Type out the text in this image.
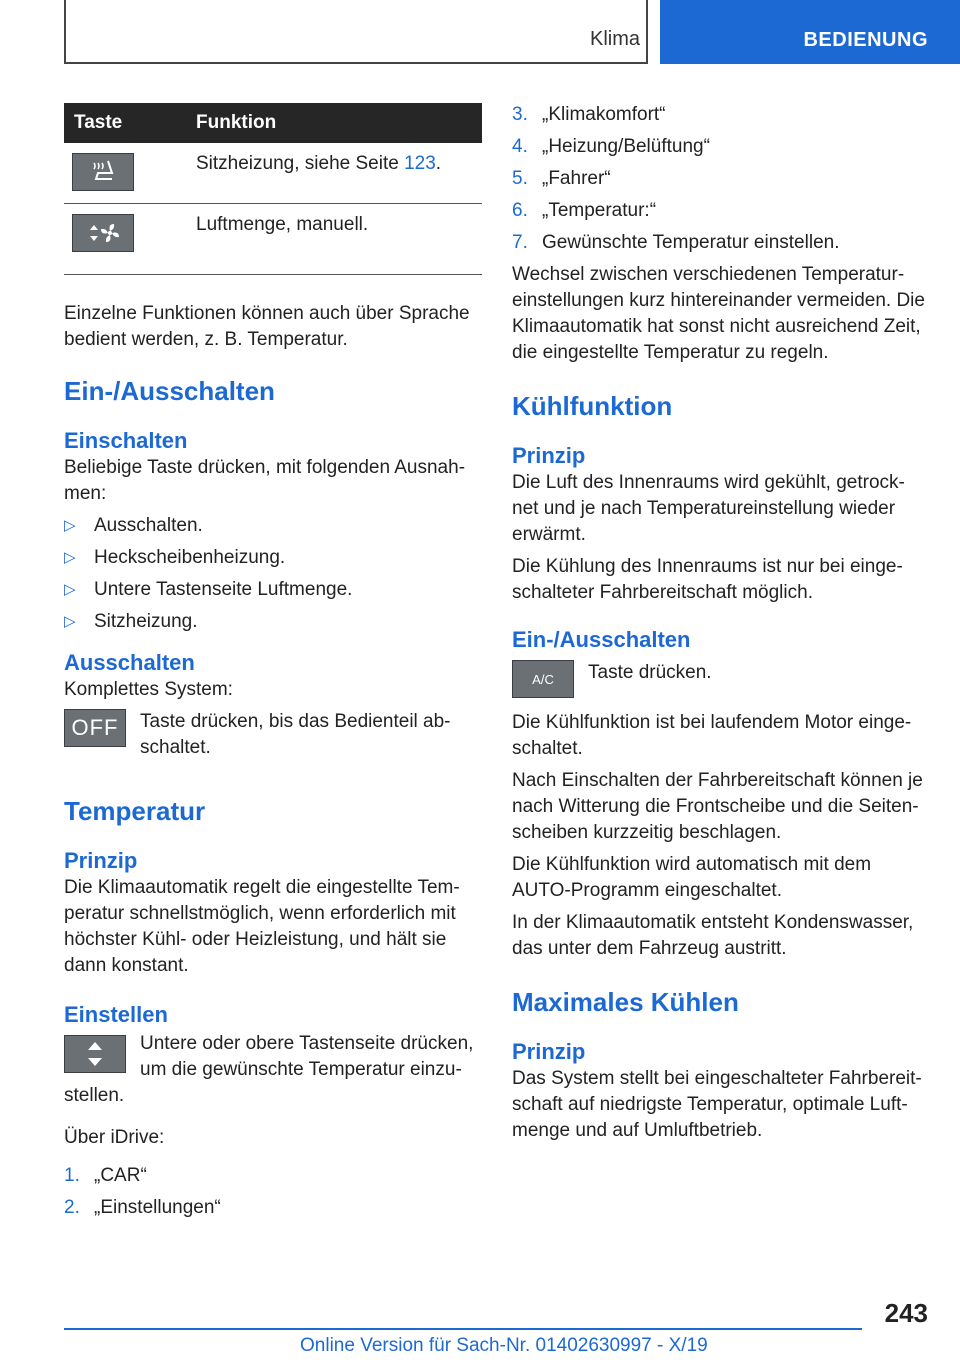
Klima	BEDIENUNG
Taste	Funktion

	Sitzheizung, siehe Seite 123.

	Luftmenge, manuell.

Einzelne Funktionen können auch über Sprache bedient werden, z. B. Temperatur.

Ein-/Ausschalten
Einschalten

Beliebige Taste drücken, mit folgenden Ausnah‐ men:

▷ Ausschalten.
▷ Heckscheibenheizung.
▷ Untere Tastenseite Luftmenge.
▷ Sitzheizung.
Ausschalten

Komplettes System:

OFF	Taste drücken, bis das Bedienteil ab‐ schaltet.

Temperatur
Prinzip

Die Klimaautomatik regelt die eingestellte Tem‐ peratur schnellstmöglich, wenn erforderlich mit höchster Kühl- oder Heizleistung, und hält sie dann konstant.

Einstellen

Untere oder obere Tastenseite drücken, um die gewünschte Temperatur einzu‐ stellen.

Über iDrive:

1. „CAR“
2. „Einstellungen“
3. „Klimakomfort“
4. „Heizung/Belüftung“
5. „Fahrer“
6. „Temperatur:“
7. Gewünschte Temperatur einstellen.

Wechsel zwischen verschiedenen Temperatur‐ einstellungen kurz hintereinander vermeiden. Die Klimaautomatik hat sonst nicht ausreichend Zeit, die eingestellte Temperatur zu regeln.

Kühlfunktion
Prinzip

Die Luft des Innenraums wird gekühlt, getrock‐ net und je nach Temperatureinstellung wieder erwärmt.

Die Kühlung des Innenraums ist nur bei einge‐ schalteter Fahrbereitschaft möglich.

Ein-/Ausschalten
A/C	Taste drücken.

Die Kühlfunktion ist bei laufendem Motor einge‐ schaltet.

Nach Einschalten der Fahrbereitschaft können je nach Witterung die Frontscheibe und die Seiten‐ scheiben kurzzeitig beschlagen.

Die Kühlfunktion wird automatisch mit dem AUTO-Programm eingeschaltet.

In der Klimaautomatik entsteht Kondenswasser, das unter dem Fahrzeug austritt.

Maximales Kühlen
Prinzip

Das System stellt bei eingeschalteter Fahrbereit‐ schaft auf niedrigste Temperatur, optimale Luft‐ menge und auf Umluftbetrieb.

243
Online Version für Sach-Nr. 01402630997 - X/19
